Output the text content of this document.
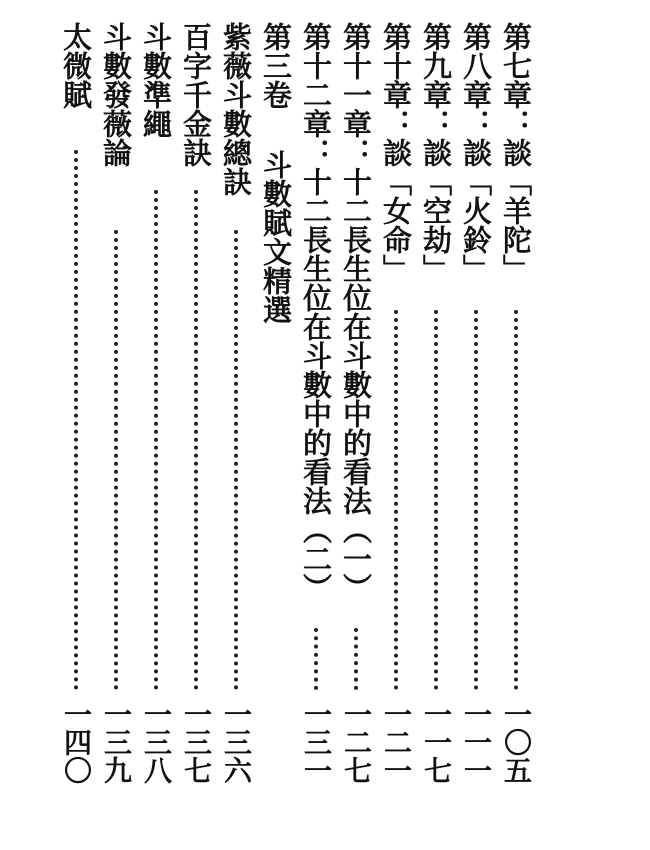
第七章：談「羊陀」
一〇五
第八章：談「火鈴」
一一一
第九章：談「空劫」
一一七
第十章：談「女命」
一二一
第十一章：十二長生位在斗數中的看法（一）
一二七
第十二章：十二長生位在斗數中的看法（二）
一三一
第三卷
斗數賦文精選
紫薇斗數總訣
一三六
百字千金訣
一三七
斗數準繩
一三八
斗數發薇論
一三九
太微賦
一四〇
